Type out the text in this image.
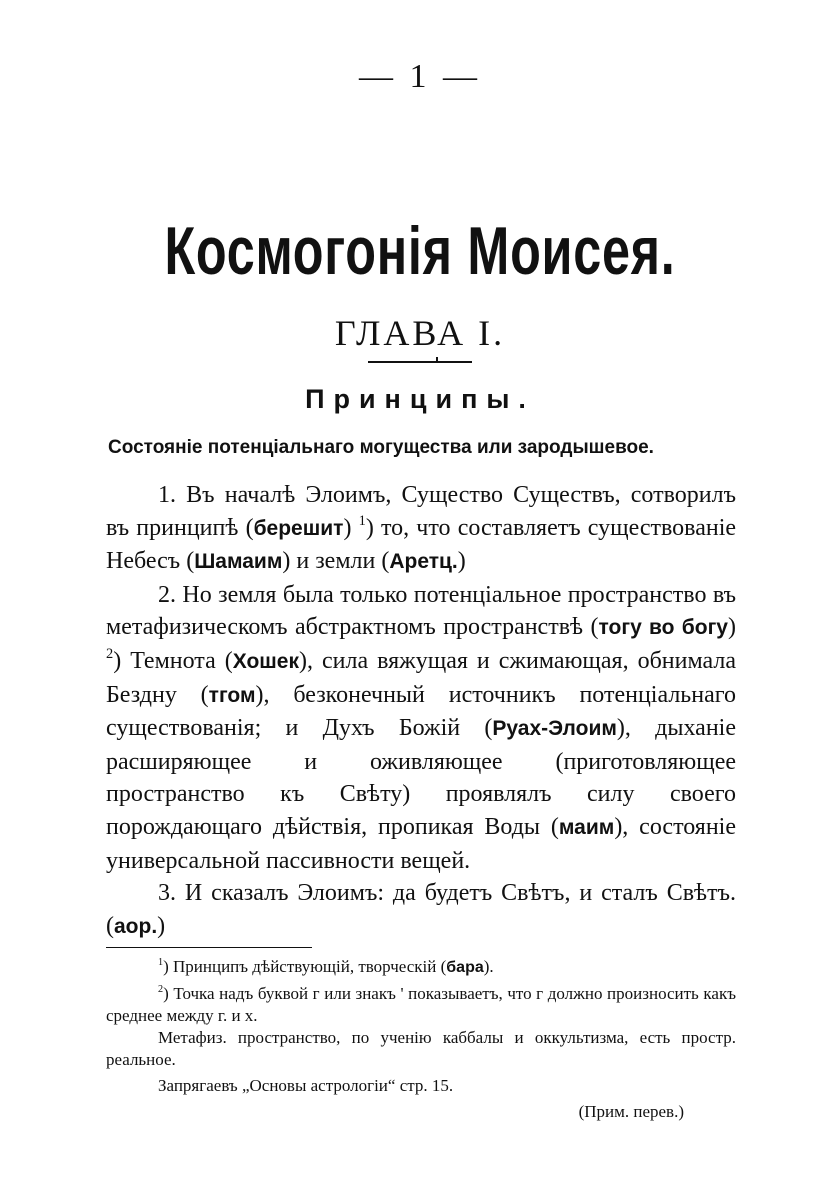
— 1 —
Космогонія Моисея.
ГЛАВА I.
Принципы.
Состояніе потенціальнаго могущества или зародышевое.

1. Въ началѣ Элоимъ, Существо Существъ, сотворилъ въ принципѣ (берешит) $^1$) то, что составляетъ существованіе Небесъ (Шамаим) и земли (Аретц.)

2. Но земля была только потенціальное пространство въ метафизическомъ абстрактномъ пространствѣ (тогу во богу) $^2$) Темнота (Хошек), сила вяжущая и сжимающая, обнимала Бездну (тгом), безконечный источникъ потенціальнаго существованія; и Духъ Божій (Руах-Элоим), дыханіе расширяющее и оживляющее (приготовляющее пространство къ Свѣту) проявлялъ силу своего порождающаго дѣйствія, пропикая Воды (маим), состояніе универсальной пассивности вещей.

3. И сказалъ Элоимъ: да будетъ Свѣтъ, и сталъ Свѣтъ. (аор.)

$^1$) Принципъ дѣйствующій, творческій (бара).

$^2$) Точка надъ буквой г или знакъ ' показываетъ, что г должно произносить какъ среднее между г. и х.

Метафиз. пространство, по ученію каббалы и оккультизма, есть простр. реальное.

Запрягаевъ „Основы астрологіи“ стр. 15.

(Прим. перев.)
